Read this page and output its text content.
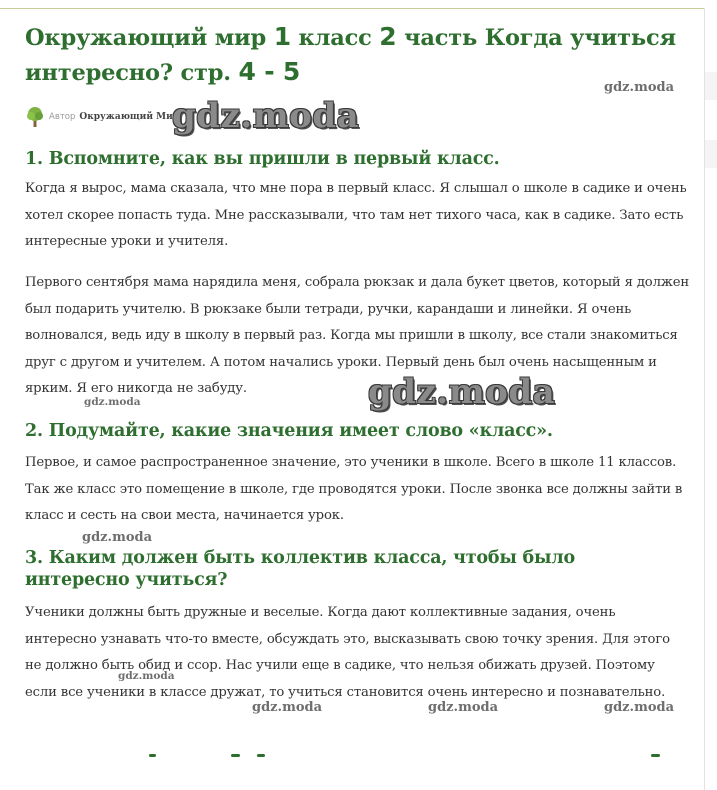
Окружающий мир 1 класс 2 часть Когда учиться интересно? стр. 4 - 5
Автор Окружающий Мир
1. Вспомните, как вы пришли в первый класс.

Когда я вырос, мама сказала, что мне пора в первый класс. Я слышал о школе в садике и очень хотел скорее попасть туда. Мне рассказывали, что там нет тихого часа, как в садике. Зато есть интересные уроки и учителя.

Первого сентября мама нарядила меня, собрала рюкзак и дала букет цветов, который я должен был подарить учителю. В рюкзаке были тетради, ручки, карандаши и линейки. Я очень волновался, ведь иду в школу в первый раз. Когда мы пришли в школу, все стали знакомиться друг с другом и учителем. А потом начались уроки. Первый день был очень насыщенным и ярким. Я его никогда не забуду.

2. Подумайте, какие значения имеет слово «класс».

Первое, и самое распространенное значение, это ученики в школе. Всего в школе 11 классов. Так же класс это помещение в школе, где проводятся уроки. После звонка все должны зайти в класс и сесть на свои места, начинается урок.

3. Каким должен быть коллектив класса, чтобы было интересно учиться?

Ученики должны быть дружные и веселые. Когда дают коллективные задания, очень интересно узнавать что-то вместе, обсуждать это, высказывать свою точку зрения. Для этого не должно быть обид и ссор. Нас учили еще в садике, что нельзя обижать друзей. Поэтому если все ученики в классе дружат, то учиться становится очень интересно и познавательно.

gdz.moda
gdz.moda
gdz.moda
gdz.moda
gdz.moda
gdz.moda
gdz.moda	gdz.moda	gdz.moda
